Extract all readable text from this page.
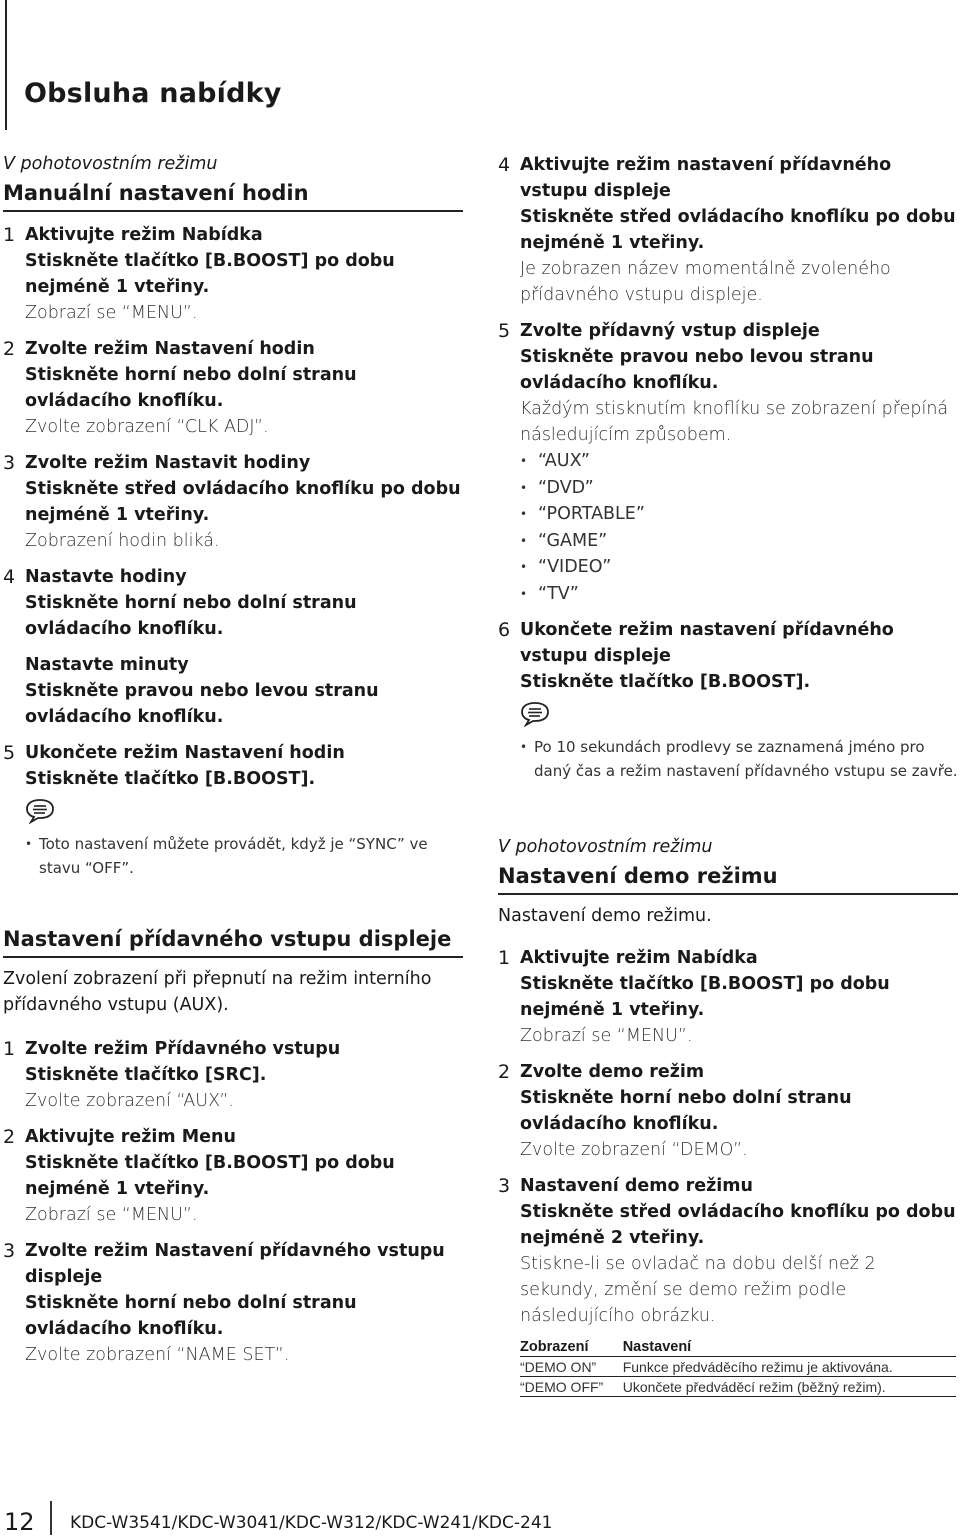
Obsluha nabídky

V pohotovostním režimu

Manuální nastavení hodin
1 Aktivujte režim Nabídka
Stiskněte tlačítko [B.BOOST] po dobu nejméně 1 vteřiny.
Zobrazí se “MENU”.
2 Zvolte režim Nastavení hodin
Stiskněte horní nebo dolní stranu ovládacího knoflíku.
Zvolte zobrazení “CLK ADJ”.
3 Zvolte režim Nastavit hodiny
Stiskněte střed ovládacího knoflíku po dobu nejméně 1 vteřiny.
Zobrazení hodin bliká.
4 Nastavte hodiny
Stiskněte horní nebo dolní stranu ovládacího knoflíku.
Nastavte minuty
Stiskněte pravou nebo levou stranu ovládacího knoflíku.
5 Ukončete režim Nastavení hodin
Stiskněte tlačítko [B.BOOST].
• Toto nastavení můžete provádět, když je “SYNC” ve stavu “OFF”.
Nastavení přídavného vstupu displeje

Zvolení zobrazení při přepnutí na režim interního přídavného vstupu (AUX).

1 Zvolte režim Přídavného vstupu
Stiskněte tlačítko [SRC].
Zvolte zobrazení “AUX”.
2 Aktivujte režim Menu
Stiskněte tlačítko [B.BOOST] po dobu nejméně 1 vteřiny.
Zobrazí se “MENU”.
3 Zvolte režim Nastavení přídavného vstupu displeje
Stiskněte horní nebo dolní stranu ovládacího knoflíku.
Zvolte zobrazení “NAME SET”.
4 Aktivujte režim nastavení přídavného vstupu displeje
Stiskněte střed ovládacího knoflíku po dobu nejméně 1 vteřiny.
Je zobrazen název momentálně zvoleného přídavného vstupu displeje.
5 Zvolte přídavný vstup displeje
Stiskněte pravou nebo levou stranu ovládacího knoflíku.
Každým stisknutím knoflíku se zobrazení přepíná následujícím způsobem.
• “AUX”
• “DVD”
• “PORTABLE”
• “GAME”
• “VIDEO”
• “TV”
6 Ukončete režim nastavení přídavného vstupu displeje
Stiskněte tlačítko [B.BOOST].
• Po 10 sekundách prodlevy se zaznamená jméno pro daný čas a režim nastavení přídavného vstupu se zavře.

V pohotovostním režimu

Nastavení demo režimu

Nastavení demo režimu.

1 Aktivujte režim Nabídka
Stiskněte tlačítko [B.BOOST] po dobu nejméně 1 vteřiny.
Zobrazí se “MENU”.
2 Zvolte demo režim
Stiskněte horní nebo dolní stranu ovládacího knoflíku.
Zvolte zobrazení “DEMO”.
3 Nastavení demo režimu
Stiskněte střed ovládacího knoflíku po dobu nejméně 2 vteřiny.
Stiskne-li se ovladač na dobu delší než 2 sekundy, změní se demo režim podle následujícího obrázku.
Zobrazení	Nastavení
“DEMO ON”	Funkce předváděcího režimu je aktivována.
“DEMO OFF”	Ukončete předváděcí režim (běžný režim).
12 KDC-W3541/KDC-W3041/KDC-W312/KDC-W241/KDC-241
